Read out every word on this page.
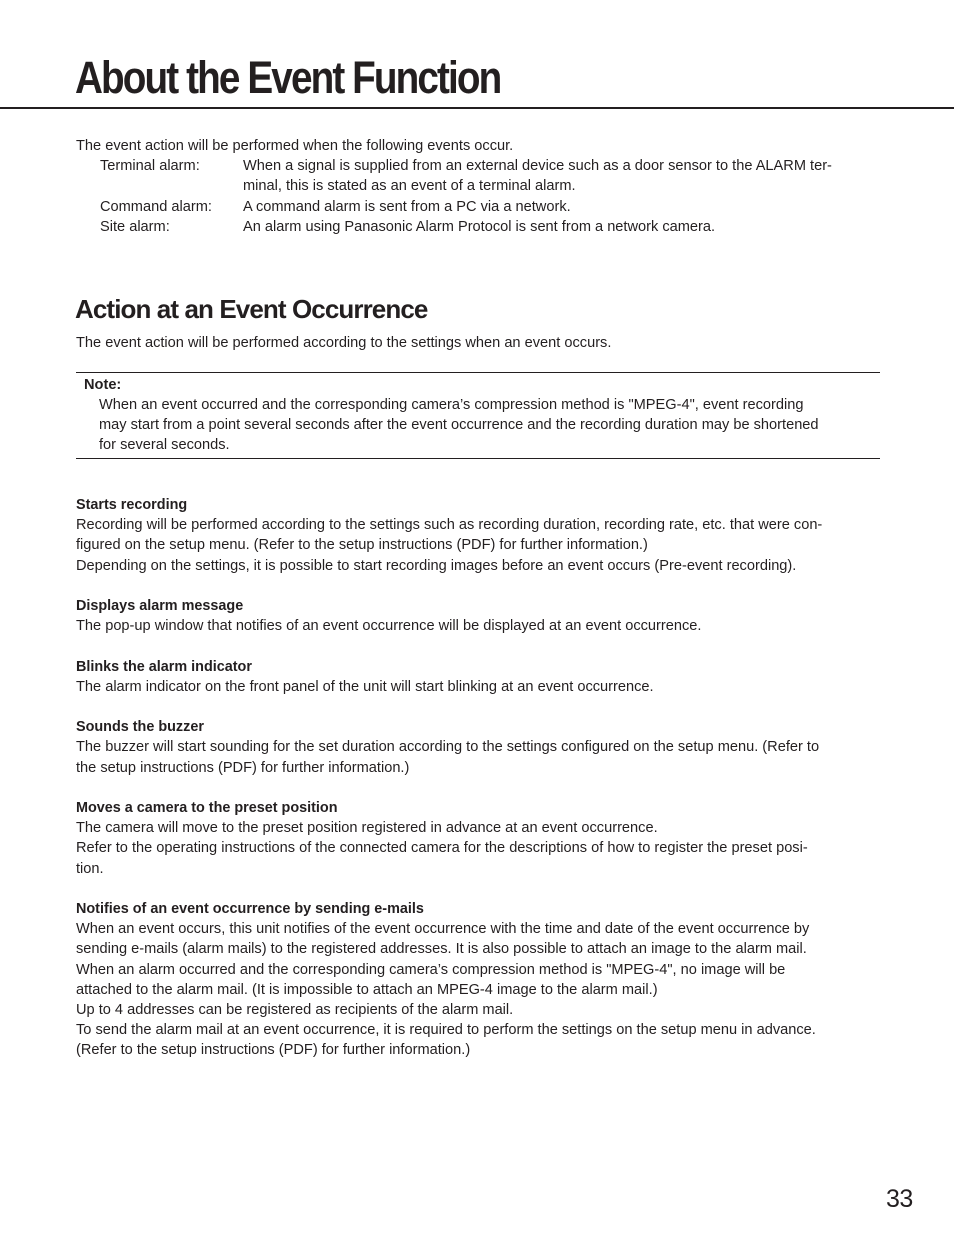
About the Event Function
The event action will be performed when the following events occur.
Terminal alarm:	When a signal is supplied from an external device such as a door sensor to the ALARM ter-
minal, this is stated as an event of a terminal alarm.
Command alarm:	A command alarm is sent from a PC via a network.
Site alarm:	An alarm using Panasonic Alarm Protocol is sent from a network camera.
Action at an Event Occurrence
The event action will be performed according to the settings when an event occurs.
Note:
When an event occurred and the corresponding camera’s compression method is "MPEG-4", event recording
may start from a point several seconds after the event occurrence and the recording duration may be shortened
for several seconds.
Starts recording
Recording will be performed according to the settings such as recording duration, recording rate, etc. that were con-
figured on the setup menu. (Refer to the setup instructions (PDF) for further information.)
Depending on the settings, it is possible to start recording images before an event occurs (Pre-event recording).
Displays alarm message
The pop-up window that notifies of an event occurrence will be displayed at an event occurrence.
Blinks the alarm indicator
The alarm indicator on the front panel of the unit will start blinking at an event occurrence.
Sounds the buzzer
The buzzer will start sounding for the set duration according to the settings configured on the setup menu. (Refer to
the setup instructions (PDF) for further information.)
Moves a camera to the preset position
The camera will move to the preset position registered in advance at an event occurrence.
Refer to the operating instructions of the connected camera for the descriptions of how to register the preset posi-
tion.
Notifies of an event occurrence by sending e-mails
When an event occurs, this unit notifies of the event occurrence with the time and date of the event occurrence by
sending e-mails (alarm mails) to the registered addresses. It is also possible to attach an image to the alarm mail.
When an alarm occurred and the corresponding camera’s compression method is "MPEG-4", no image will be
attached to the alarm mail. (It is impossible to attach an MPEG-4 image to the alarm mail.)
Up to 4 addresses can be registered as recipients of the alarm mail.
To send the alarm mail at an event occurrence, it is required to perform the settings on the setup menu in advance.
(Refer to the setup instructions (PDF) for further information.)
33
